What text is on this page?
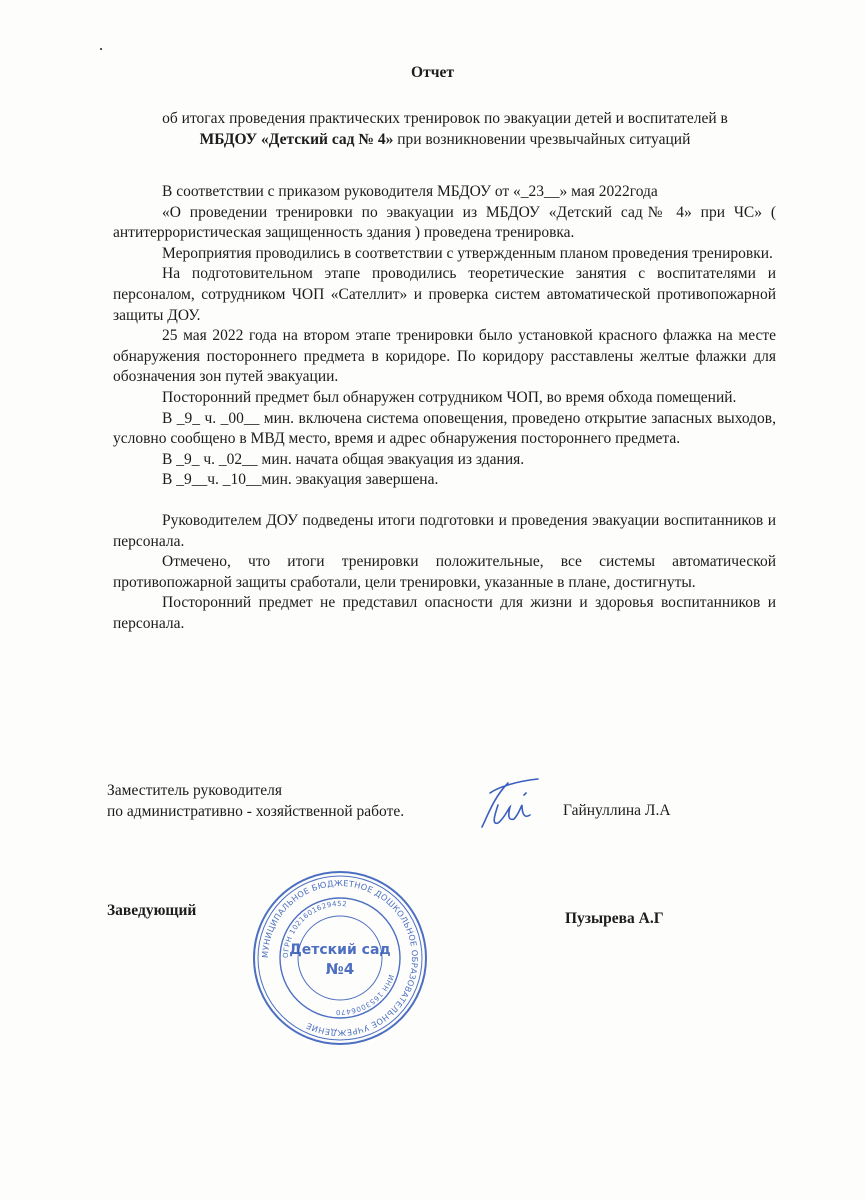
Отчет
об итогах проведения практических тренировок по эвакуации детей и воспитателей в
МБДОУ «Детский сад № 4» при возникновении чрезвычайных ситуаций

В соответствии с приказом руководителя МБДОУ от «_23__» мая 2022года

«О проведении тренировки по эвакуации из МБДОУ «Детский сад№ 4» при ЧС» ( антитеррористическая защищенность здания ) проведена тренировка.

Мероприятия проводились в соответствии с утвержденным планом проведения тренировки.

На подготовительном этапе проводились теоретические занятия с воспитателями и персоналом, сотрудником ЧОП «Сателлит» и проверка систем автоматической противопожарной защиты ДОУ.

25 мая 2022 года на втором этапе тренировки было установкой красного флажка на месте обнаружения постороннего предмета в коридоре. По коридору расставлены желтые флажки для обозначения зон путей эвакуации.

Посторонний предмет был обнаружен сотрудником ЧОП, во время обхода помещений.

В _9_ ч. _00__ мин. включена система оповещения, проведено открытие запасных выходов, условно сообщено в МВД место, время и адрес обнаружения постороннего предмета.

В _9_ ч. _02__ мин. начата общая эвакуация из здания.

В _9__ч. _10__мин. эвакуация завершена.

Руководителем ДОУ подведены итоги подготовки и проведения эвакуации воспитанников и персонала.

Отмечено, что итоги тренировки положительные, все системы автоматической противопожарной защиты сработали, цели тренировки, указанные в плане, достигнуты.

Посторонний предмет не представил опасности для жизни и здоровья воспитанников и персонала.

Заместитель руководителя
по административно - хозяйственной работе.	Гайнуллина Л.А
Заведующий	Пузырева А.Г
МУНИЦИПАЛЬНОЕ БЮДЖЕТНОЕ ДОШКОЛЬНОЕ ОБРАЗОВАТЕЛЬНОЕ УЧРЕЖДЕНИЕ
ОГРН 1021601629452
ИНН 1653006470
Детский сад
№4
